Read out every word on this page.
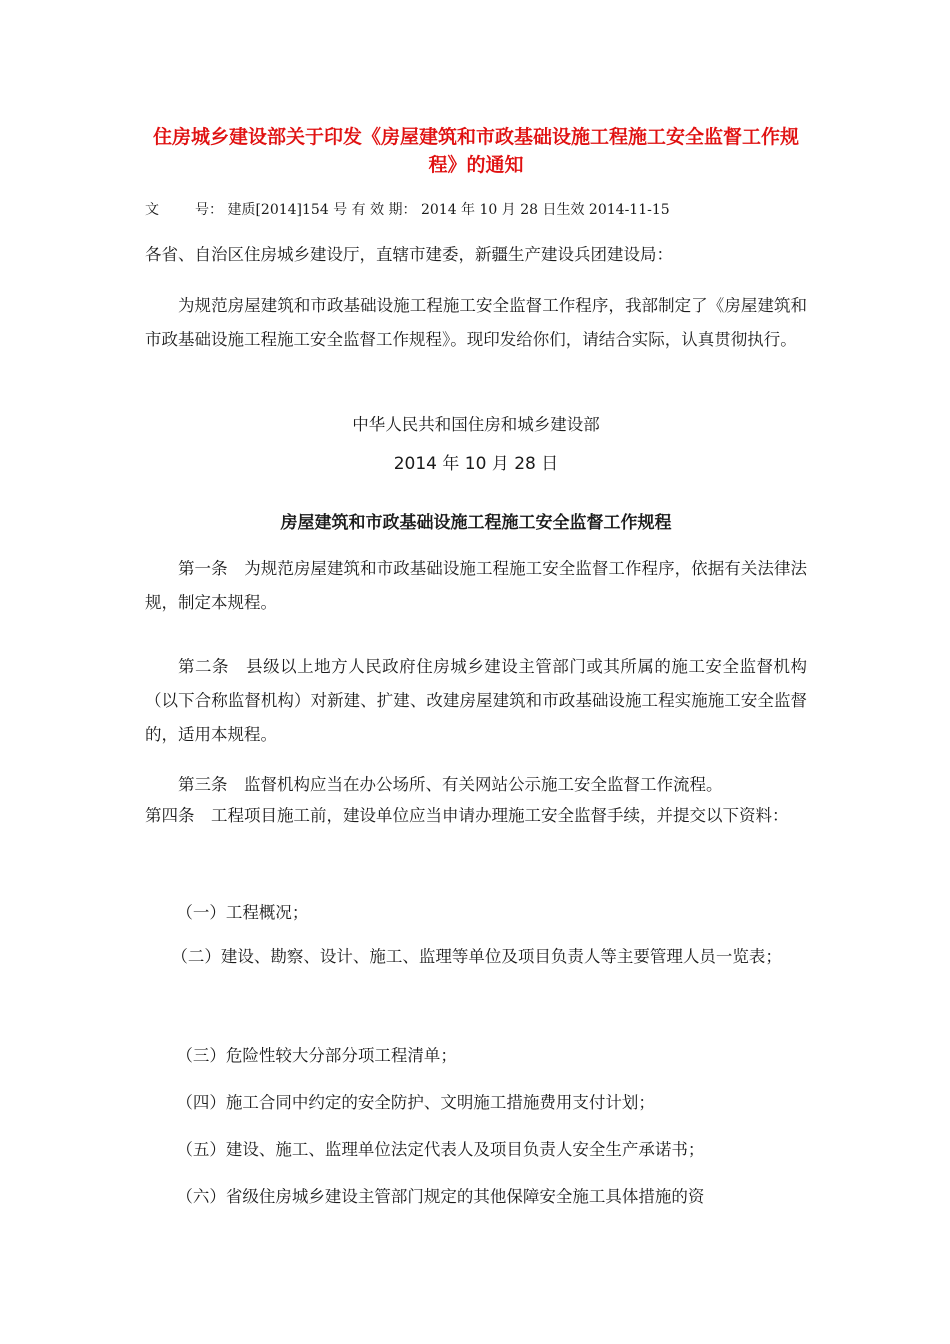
住房城乡建设部关于印发《房屋建筑和市政基础设施工程施工安全监督工作规程》的通知
文	号： 建质[2014]154 号 有 效 期： 2014 年 10 月 28 日生效 2014-11-15

各省、自治区住房城乡建设厅，直辖市建委，新疆生产建设兵团建设局：

为规范房屋建筑和市政基础设施工程施工安全监督工作程序，我部制定了《房屋建筑和市政基础设施工程施工安全监督工作规程》。现印发给你们，请结合实际，认真贯彻执行。

中华人民共和国住房和城乡建设部

2014 年 10 月 28 日

房屋建筑和市政基础设施工程施工安全监督工作规程

第一条　为规范房屋建筑和市政基础设施工程施工安全监督工作程序，依据有关法律法规，制定本规程。

第二条　县级以上地方人民政府住房城乡建设主管部门或其所属的施工安全监督机构（以下合称监督机构）对新建、扩建、改建房屋建筑和市政基础设施工程实施施工安全监督的，适用本规程。

第三条　监督机构应当在办公场所、有关网站公示施工安全监督工作流程。

第四条　工程项目施工前，建设单位应当申请办理施工安全监督手续，并提交以下资料：

（一）工程概况；

（二）建设、勘察、设计、施工、监理等单位及项目负责人等主要管理人员一览表；

（三）危险性较大分部分项工程清单；

（四）施工合同中约定的安全防护、文明施工措施费用支付计划；

（五）建设、施工、监理单位法定代表人及项目负责人安全生产承诺书；

（六）省级住房城乡建设主管部门规定的其他保障安全施工具体措施的资
